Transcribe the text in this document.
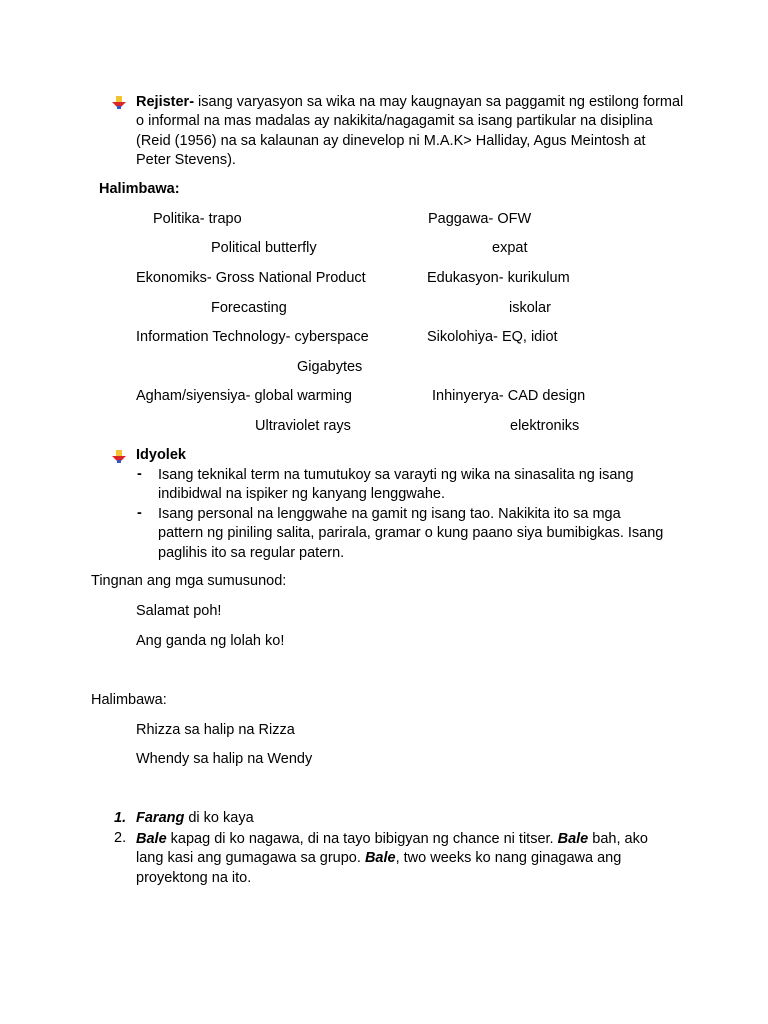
Rejister- isang varyasyon sa wika na may kaugnayan sa paggamit ng estilong formal o informal na mas madalas ay nakikita/nagagamit sa isang partikular na disiplina (Reid (1956) na sa kalaunan ay dinevelop ni M.A.K> Halliday, Agus Meintosh at Peter Stevens).
Halimbawa:
Politika- trapo	Paggawa- OFW
Political butterfly	expat
Ekonomiks- Gross National Product	Edukasyon- kurikulum
Forecasting	iskolar
Information Technology- cyberspace	Sikolohiya- EQ, idiot
Gigabytes
Agham/siyensiya- global warming	Inhinyerya- CAD design
Ultraviolet rays	elektroniks
Idyolek
- Isang teknikal term na tumutukoy sa varayti ng wika na sinasalita ng isang indibidwal na ispiker ng kanyang lenggwahe.
- Isang personal na lenggwahe na gamit ng isang tao. Nakikita ito sa mga pattern ng piniling salita, parirala, gramar o kung paano siya bumibigkas. Isang paglihis ito sa regular patern.
Tingnan ang mga sumusunod:
Salamat poh!
Ang ganda ng lolah ko!
Halimbawa:
Rhizza sa halip na Rizza
Whendy sa halip na Wendy
1. Farang di ko kaya
2. Bale kapag di ko nagawa, di na tayo bibigyan ng chance ni titser. Bale bah, ako lang kasi ang gumagawa sa grupo. Bale, two weeks ko nang ginagawa ang proyektong na ito.
